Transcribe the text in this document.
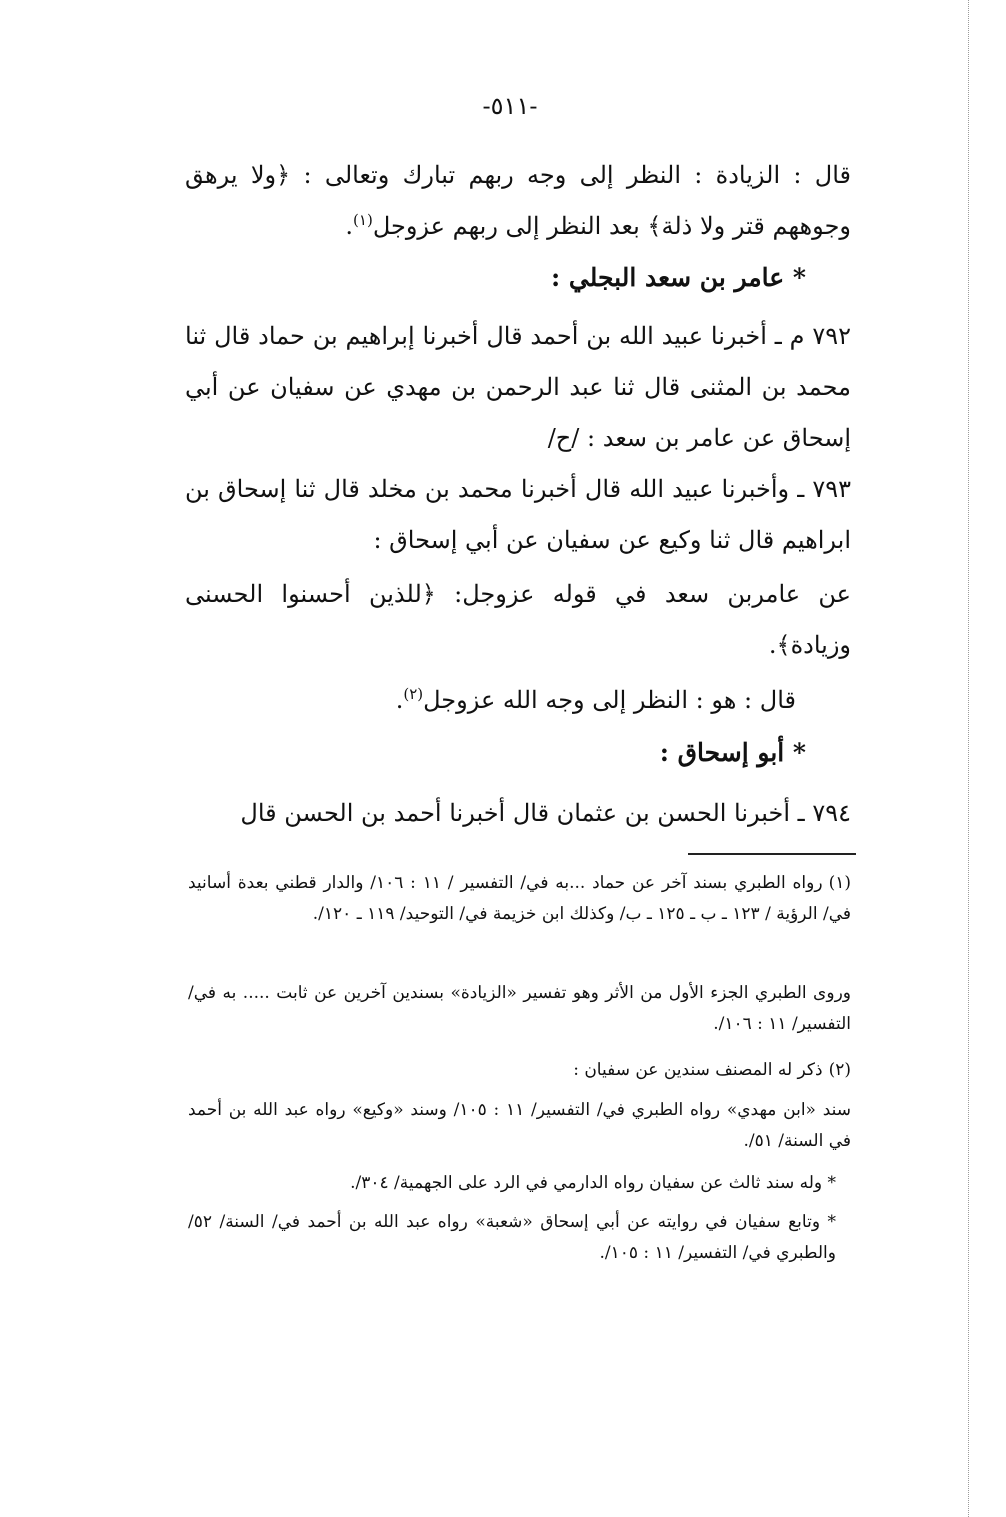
-٥١١-

قال : الزيادة : النظر إلى وجه ربهم تبارك وتعالى : ﴿ولا يرهق وجوههم قتر ولا ذلة﴾ بعد النظر إلى ربهم عزوجل$^{(١)}$.

* عامر بن سعد البجلي :

٧٩٢ م ـ أخبرنا عبيد الله بن أحمد قال أخبرنا إبراهيم بن حماد قال ثنا محمد بن المثنى قال ثنا عبد الرحمن بن مهدي عن سفيان عن أبي إسحاق عن عامر بن سعد : /ح/

٧٩٣ ـ وأخبرنا عبيد الله قال أخبرنا محمد بن مخلد قال ثنا إسحاق بن ابراهيم قال ثنا وكيع عن سفيان عن أبي إسحاق :

عن عامربن سعد في قوله عزوجل: ﴿للذين أحسنوا الحسنى وزيادة﴾.

قال : هو : النظر إلى وجه الله عزوجل$^{(٢)}$.

* أبو إسحاق :

٧٩٤ ـ أخبرنا الحسن بن عثمان قال أخبرنا أحمد بن الحسن قال

(١)رواه الطبري بسند آخر عن حماد ...به في/ التفسير / ١١ : ١٠٦/ والدار قطني بعدة أسانيد في/ الرؤية / ١٢٣ ـ ب ـ ١٢٥ ـ ب/ وكذلك ابن خزيمة في/ التوحيد/ ١١٩ ـ ١٢٠/.

وروى الطبري الجزء الأول من الأثر وهو تفسير «الزيادة» بسندين آخرين عن ثابت ..... به في/ التفسير/ ١١ : ١٠٦/.

(٢)ذكر له المصنف سندين عن سفيان :

سند «ابن مهدي» رواه الطبري في/ التفسير/ ١١ : ١٠٥/ وسند «وكيع» رواه عبد الله بن أحمد في السنة/ ٥١/.

* وله سند ثالث عن سفيان رواه الدارمي في الرد على الجهمية/ ٣٠٤/.

* وتابع سفيان في روايته عن أبي إسحاق «شعبة» رواه عبد الله بن أحمد في/ السنة/ ٥٢/ والطبري في/ التفسير/ ١١ : ١٠٥/.
